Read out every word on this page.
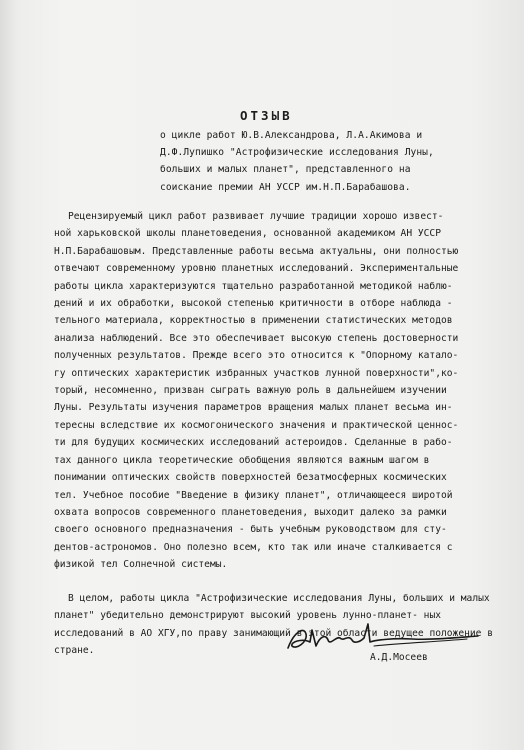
ОТЗЫВ
о цикле работ Ю.В.Александрова, Л.А.Акимова и
Д.Ф.Лупишко "Астрофизические исследования Луны,
больших и малых планет", представленного на
соискание премии АН УССР им.Н.П.Барабашова.
Рецензируемый цикл работ развивает лучшие традиции хорошо извест-
ной харьковской школы планетоведения, основанной академиком АН УССР
Н.П.Барабашовым. Представленные работы весьма актуальны, они полностью
отвечают современному уровню планетных исследований. Экспериментальные
работы цикла характеризуются тщательно разработанной методикой наблю-
дений и их обработки, высокой степенью критичности в отборе наблюда -
тельного материала, корректностью в применении статистических методов
анализа наблюдений. Все это обеспечивает высокую степень достоверности
полученных результатов. Прежде всего это относится к "Опорному катало-
гу оптических характеристик избранных участков лунной поверхности",ко-
торый, несомненно, призван сыграть важную роль в дальнейшем изучении
Луны. Результаты изучения параметров вращения малых планет весьма ин-
тересны вследствие их космогонического значения и практической ценнос-
ти для будущих космических исследований астероидов. Сделанные в рабо-
тах данного цикла теоретические обобщения являются важным шагом в
понимании оптических свойств поверхностей безатмосферных космических
тел. Учебное пособие "Введение в физику планет", отличающееся широтой
охвата вопросов современного планетоведения, выходит далеко за рамки
своего основного предназначения - быть учебным руководством для сту-
дентов-астрономов. Оно полезно всем, кто так или иначе сталкивается с
физикой тел Солнечной системы.
В целом, работы цикла "Астрофизические исследования Луны, больших и малых планет" убедительно демонстрируют высокий уровень лунно-планет- ных исследований в АО ХГУ,по праву занимающий в этой области ведущее положение в стране.
А.Д.Мосеев
